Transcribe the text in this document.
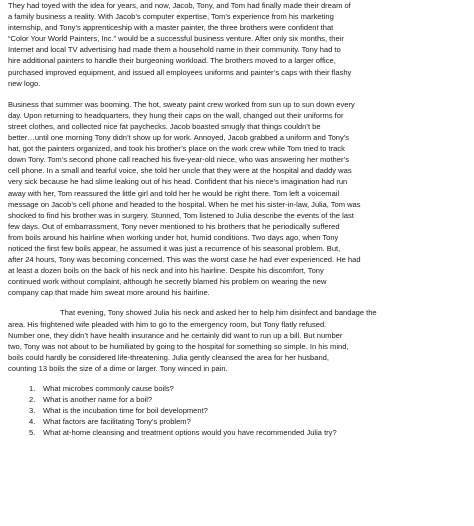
They had toyed with the idea for years, and now, Jacob, Tony, and Tom had finally made their dream of
a family business a reality. With Jacob’s computer expertise, Tom’s experience from his marketing
internship, and Tony’s apprenticeship with a master painter, the three brothers were confident that
“Color Your World Painters, Inc.” would be a successful business venture. After only six months, their
Internet and local TV advertising had made them a household name in their community. Tony had to
hire additional painters to handle their burgeoning workload. The brothers moved to a larger office,
purchased improved equipment, and issued all employees uniforms and painter’s caps with their flashy
new logo.
Business that summer was booming. The hot, sweaty paint crew worked from sun up to sun down every
day. Upon returning to headquarters, they hung their caps on the wall, changed out their uniforms for
street clothes, and collected nice fat paychecks. Jacob boasted smugly that things couldn’t be
better…until one morning Tony didn’t show up for work. Annoyed, Jacob grabbed a uniform and Tony’s
hat, got the painters organized, and took his brother’s place on the work crew while Tom tried to track
down Tony. Tom’s second phone call reached his five-year-old niece, who was answering her mother’s
cell phone. In a small and tearful voice, she told her uncle that they were at the hospital and daddy was
very sick because he had slime leaking out of his head. Confident that his niece’s imagination had run
away with her, Tom reassured the little girl and told her he would be right there. Tom left a voicemail
message on Jacob’s cell phone and headed to the hospital. When he met his sister-in-law, Julia, Tom was
shocked to find his brother was in surgery. Stunned, Tom listened to Julia describe the events of the last
few days. Out of embarrassment, Tony never mentioned to his brothers that he periodically suffered
from boils around his hairline when working under hot, humid conditions. Two days ago, when Tony
noticed the first few boils appear, he assumed it was just a recurrence of his seasonal problem. But,
after 24 hours, Tony was becoming concerned. This was the worst case he had ever experienced. He had
at least a dozen boils on the back of his neck and into his hairline. Despite his discomfort, Tony
continued work without complaint, although he secretly blamed his problem on wearing the new
company cap that made him sweat more around his hairline.
That evening, Tony showed Julia his neck and asked her to help him disinfect and bandage the
area. His frightened wife pleaded with him to go to the emergency room, but Tony flatly refused.
Number one, they didn’t have health insurance and he certainly did want to run up a bill. But number
two, Tony was not about to be humiliated by going to the hospital for something so simple. In his mind,
boils could hardly be considered life-threatening. Julia gently cleansed the area for her husband,
counting 13 boils the size of a dime or larger. Tony winced in pain.
1.	What microbes commonly cause boils?
2.	What is another name for a boil?
3.	What is the incubation time for boil development?
4.	What factors are facilitating Tony’s problem?
5.	What at-home cleansing and treatment options would you have recommended Julia try?
